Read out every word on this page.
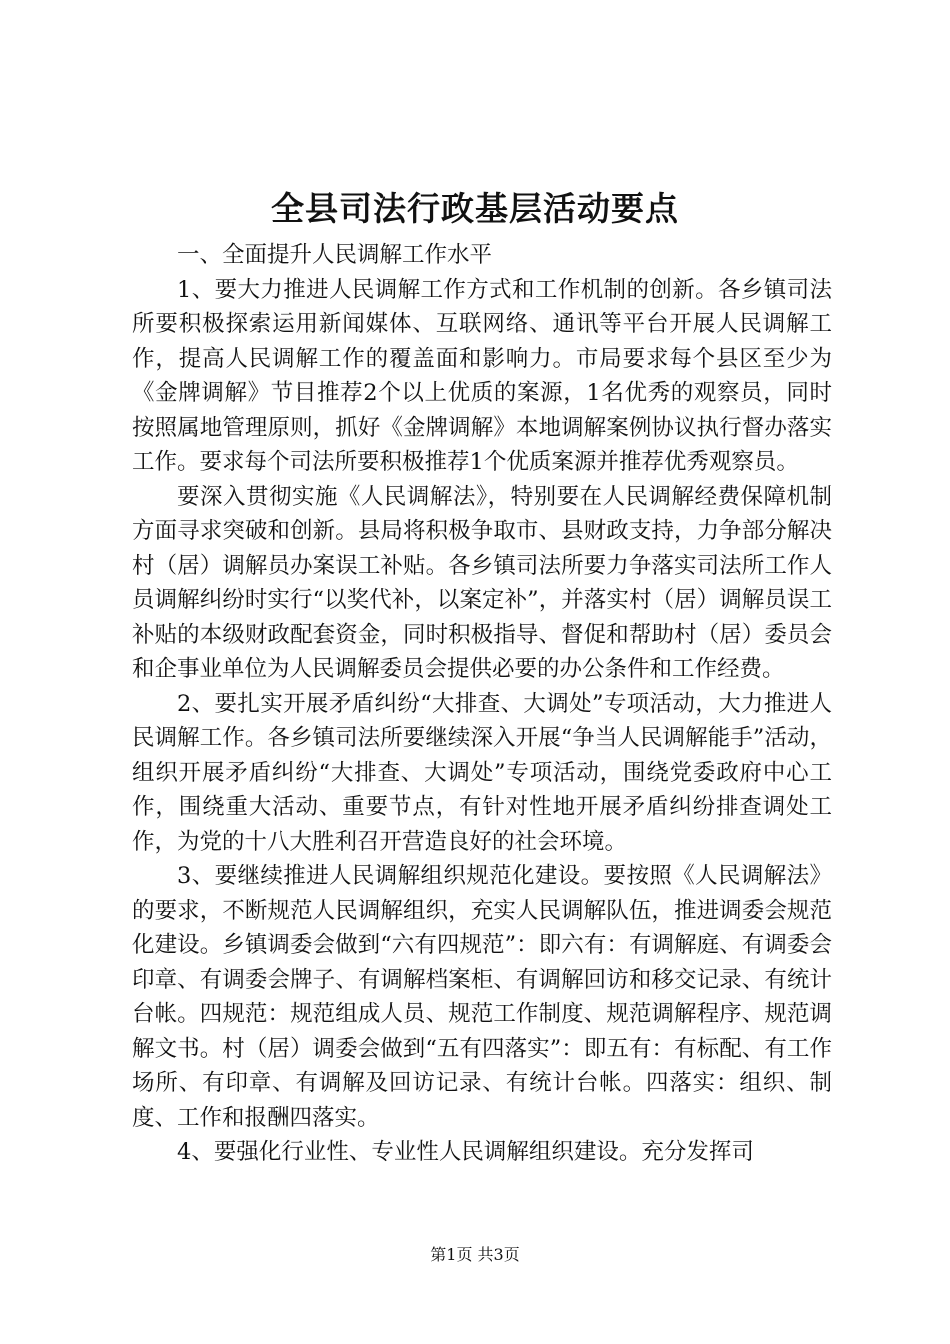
全县司法行政基层活动要点

一、全面提升人民调解工作水平

1、要大力推进人民调解工作方式和工作机制的创新。各乡镇司法所要积极探索运用新闻媒体、互联网络、通讯等平台开展人民调解工作，提高人民调解工作的覆盖面和影响力。市局要求每个县区至少为《金牌调解》节目推荐2个以上优质的案源，1名优秀的观察员，同时按照属地管理原则，抓好《金牌调解》本地调解案例协议执行督办落实工作。要求每个司法所要积极推荐1个优质案源并推荐优秀观察员。

要深入贯彻实施《人民调解法》，特别要在人民调解经费保障机制方面寻求突破和创新。县局将积极争取市、县财政支持，力争部分解决村（居）调解员办案误工补贴。各乡镇司法所要力争落实司法所工作人员调解纠纷时实行“以奖代补，以案定补”，并落实村（居）调解员误工补贴的本级财政配套资金，同时积极指导、督促和帮助村（居）委员会和企事业单位为人民调解委员会提供必要的办公条件和工作经费。

2、要扎实开展矛盾纠纷“大排查、大调处”专项活动，大力推进人民调解工作。各乡镇司法所要继续深入开展“争当人民调解能手”活动，组织开展矛盾纠纷“大排查、大调处”专项活动，围绕党委政府中心工作，围绕重大活动、重要节点，有针对性地开展矛盾纠纷排查调处工作，为党的十八大胜利召开营造良好的社会环境。

3、要继续推进人民调解组织规范化建设。要按照《人民调解法》的要求，不断规范人民调解组织，充实人民调解队伍，推进调委会规范化建设。乡镇调委会做到“六有四规范”：即六有：有调解庭、有调委会印章、有调委会牌子、有调解档案柜、有调解回访和移交记录、有统计台帐。四规范：规范组成人员、规范工作制度、规范调解程序、规范调解文书。村（居）调委会做到“五有四落实”：即五有：有标配、有工作场所、有印章、有调解及回访记录、有统计台帐。四落实：组织、制度、工作和报酬四落实。

4、要强化行业性、专业性人民调解组织建设。充分发挥司

第1页 共3页
